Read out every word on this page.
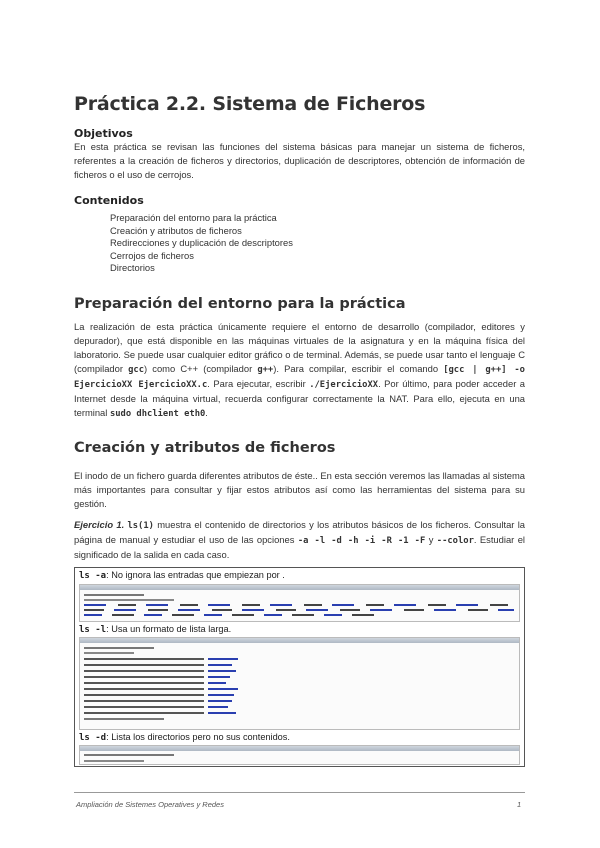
Práctica 2.2. Sistema de Ficheros
Objetivos

En esta práctica se revisan las funciones del sistema básicas para manejar un sistema de ficheros, referentes a la creación de ficheros y directorios, duplicación de descriptores, obtención de información de ficheros o el uso de cerrojos.

Contenidos
Preparación del entorno para la práctica
Creación y atributos de ficheros
Redirecciones y duplicación de descriptores
Cerrojos de ficheros
Directorios
Preparación del entorno para la práctica

La realización de esta práctica únicamente requiere el entorno de desarrollo (compilador, editores y depurador), que está disponible en las máquinas virtuales de la asignatura y en la máquina física del laboratorio. Se puede usar cualquier editor gráfico o de terminal. Además, se puede usar tanto el lenguaje C (compilador gcc) como C++ (compilador g++). Para compilar, escribir el comando [gcc | g++] -o EjercicioXX EjercicioXX.c. Para ejecutar, escribir ./EjercicioXX. Por último, para poder acceder a Internet desde la máquina virtual, recuerda configurar correctamente la NAT. Para ello, ejecuta en una terminal sudo dhclient eth0.

Creación y atributos de ficheros

El inodo de un fichero guarda diferentes atributos de éste.. En esta sección veremos las llamadas al sistema más importantes para consultar y fijar estos atributos así como las herramientas del sistema para su gestión.

Ejercicio 1. ls(1) muestra el contenido de directorios y los atributos básicos de los ficheros. Consultar la página de manual y estudiar el uso de las opciones -a -l -d -h -i -R -1 -F y --color. Estudiar el significado de la salida en cada caso.

ls -a: No ignora las entradas que empiezan por .
ls -l: Usa un formato de lista larga.
ls -d: Lista los directorios pero no sus contenidos.
Ampliación de Sistemes Operatives y Redes	1
